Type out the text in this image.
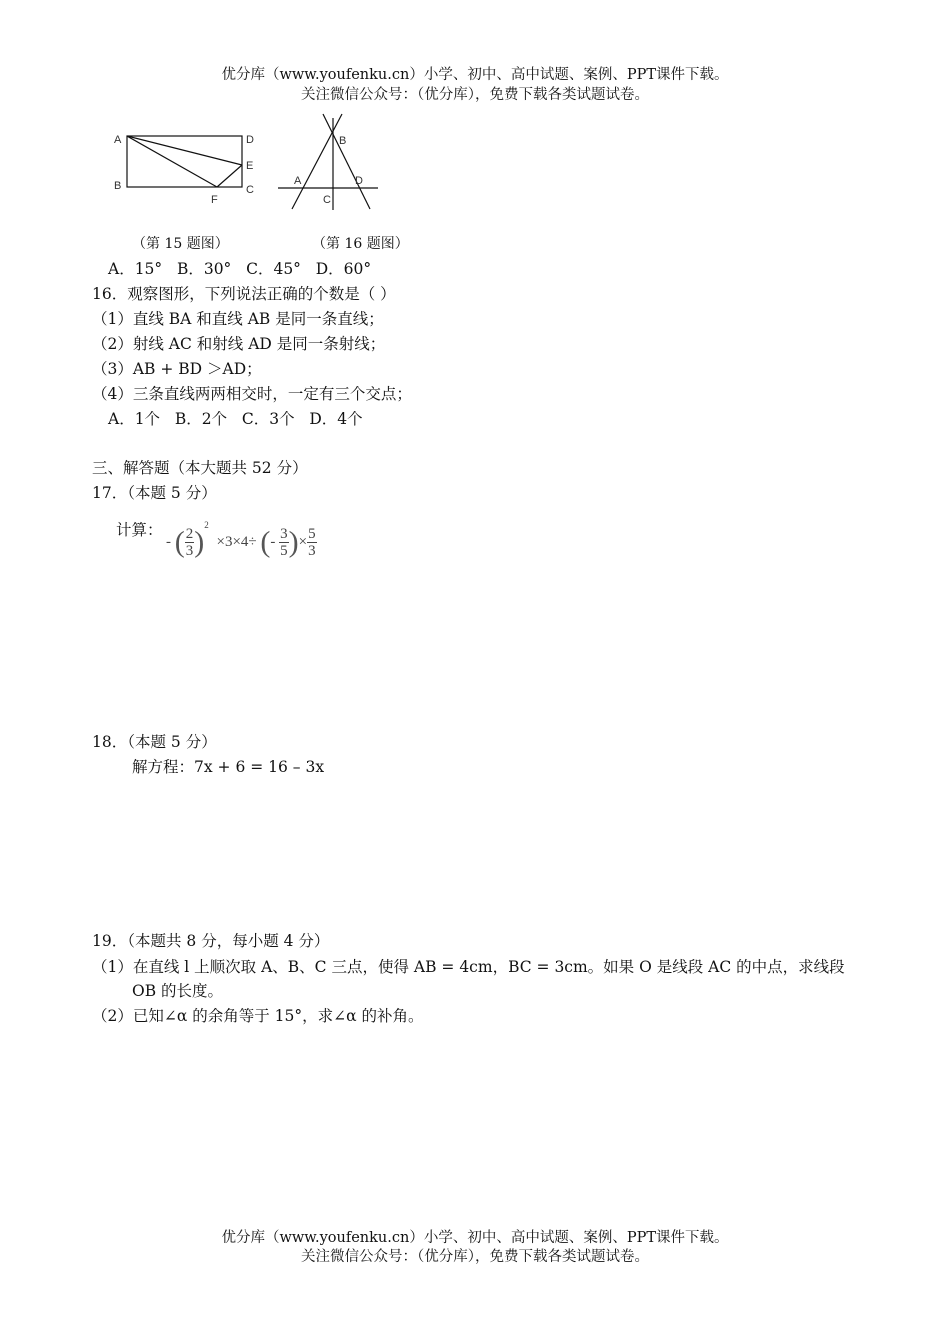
优分库（www.youfenku.cn）小学、初中、高中试题、案例、PPT课件下载。
关注微信公众号：（优分库），免费下载各类试题试卷。
A	D
E
B
F
C
B
A
C
D
（第 15 题图）	（第 16 题图）
A．15°   B．30°   C．45°   D．60°
16．观察图形，下列说法正确的个数是（ ）
（1）直线 BA 和直线 AB 是同一条直线；
（2）射线 AC 和射线 AD 是同一条射线；
（3）AB + BD ＞AD；
（4）三条直线两两相交时，一定有三个交点；
A．1个   B．2个   C．3个   D．4个
三、解答题（本大题共 52 分）
17．（本题 5 分）
计算：
- ( $\frac{2}{3} )^2 \times 3\times 4\div$ (- $\frac{3}{5}$ )× $\frac{5}{3}$
18．（本题 5 分）
解方程：7x + 6 = 16 – 3x
19．（本题共 8 分，每小题 4 分）
（1）在直线 l 上顺次取 A、B、C 三点，使得 AB = 4cm，BC = 3cm。如果 O 是线段 AC 的中点，求线段
OB 的长度。
（2）已知∠α 的余角等于 15°，求∠α 的补角。
优分库（www.youfenku.cn）小学、初中、高中试题、案例、PPT课件下载。
关注微信公众号：（优分库），免费下载各类试题试卷。
